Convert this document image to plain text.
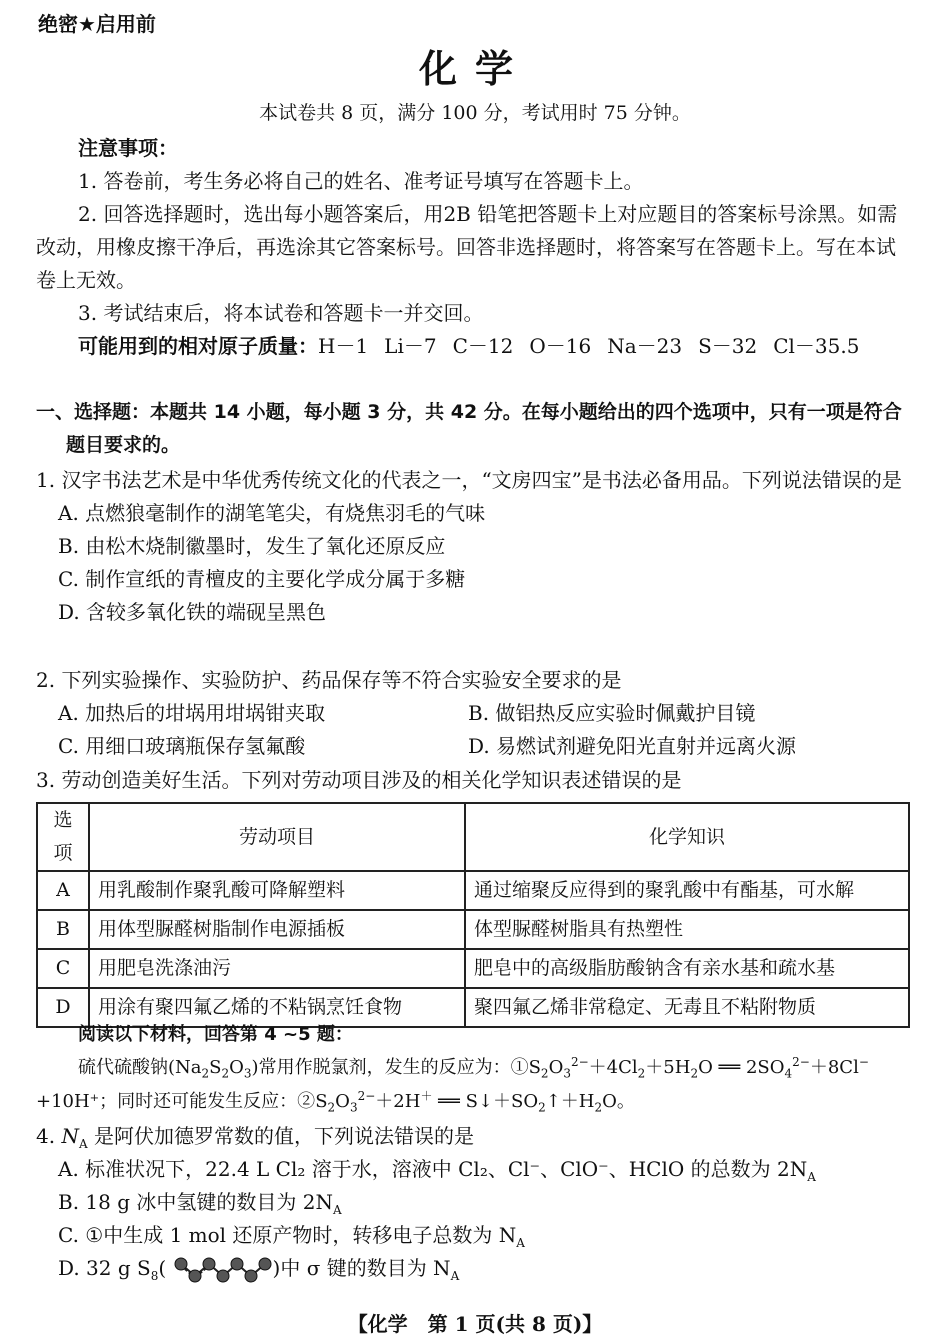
绝密★启用前
化学
本试卷共 8 页，满分 100 分，考试用时 75 分钟。
注意事项：
1. 答卷前，考生务必将自己的姓名、准考证号填写在答题卡上。
2. 回答选择题时，选出每小题答案后，用2B 铅笔把答题卡上对应题目的答案标号涂黑。如需改动，用橡皮擦干净后，再选涂其它答案标号。回答非选择题时，将答案写在答题卡上。写在本试卷上无效。
3. 考试结束后，将本试卷和答题卡一并交回。
可能用到的相对原子质量：H－1 Li－7 C－12 O－16 Na－23 S－32 Cl－35.5
一、选择题：本题共 14 小题，每小题 3 分，共 42 分。在每小题给出的四个选项中，只有一项是符合题目要求的。
1. 汉字书法艺术是中华优秀传统文化的代表之一，“文房四宝”是书法必备用品。下列说法错误的是
A. 点燃狼毫制作的湖笔笔尖，有烧焦羽毛的气味
B. 由松木烧制徽墨时，发生了氧化还原反应
C. 制作宣纸的青檀皮的主要化学成分属于多糖
D. 含较多氧化铁的端砚呈黑色
2. 下列实验操作、实验防护、药品保存等不符合实验安全要求的是
A. 加热后的坩埚用坩埚钳夹取	B. 做铝热反应实验时佩戴护目镜
C. 用细口玻璃瓶保存氢氟酸	D. 易燃试剂避免阳光直射并远离火源
3. 劳动创造美好生活。下列对劳动项目涉及的相关化学知识表述错误的是
选项	劳动项目	化学知识
A	用乳酸制作聚乳酸可降解塑料	通过缩聚反应得到的聚乳酸中有酯基，可水解
B	用体型脲醛树脂制作电源插板	体型脲醛树脂具有热塑性
C	用肥皂洗涤油污	肥皂中的高级脂肪酸钠含有亲水基和疏水基
D	用涂有聚四氟乙烯的不粘锅烹饪食物	聚四氟乙烯非常稳定、无毒且不粘附物质
阅读以下材料，回答第 4 ~5 题：
硫代硫酸钠$(Na_2S_2O_3)$常用作脱氯剂，发生的反应为：$①S_2O_3^{2-}+4Cl_2+5H_2O$ ══ $2SO_4^{2-}+8Cl^-+10H^+$；同时还可能发生反应：$②S_2O_3^{2-}+2H^+$ ══ $S↓+SO_2↑+H_2O$。
4. $N_A$ 是阿伏加德罗常数的值，下列说法错误的是
A. 标准状况下，22.4 L Cl₂ 溶于水，溶液中 Cl₂、Cl⁻、ClO⁻、HClO 的总数为 $2N_A$
B. 18 g 冰中氢键的数目为 $2N_A$
C. ①中生成 1 mol 还原产物时，转移电子总数为 $N_A$
D. 32 g $S_8$(	)中 σ 键的数目为 $N_A$
【化学　第 1 页(共 8 页)】
